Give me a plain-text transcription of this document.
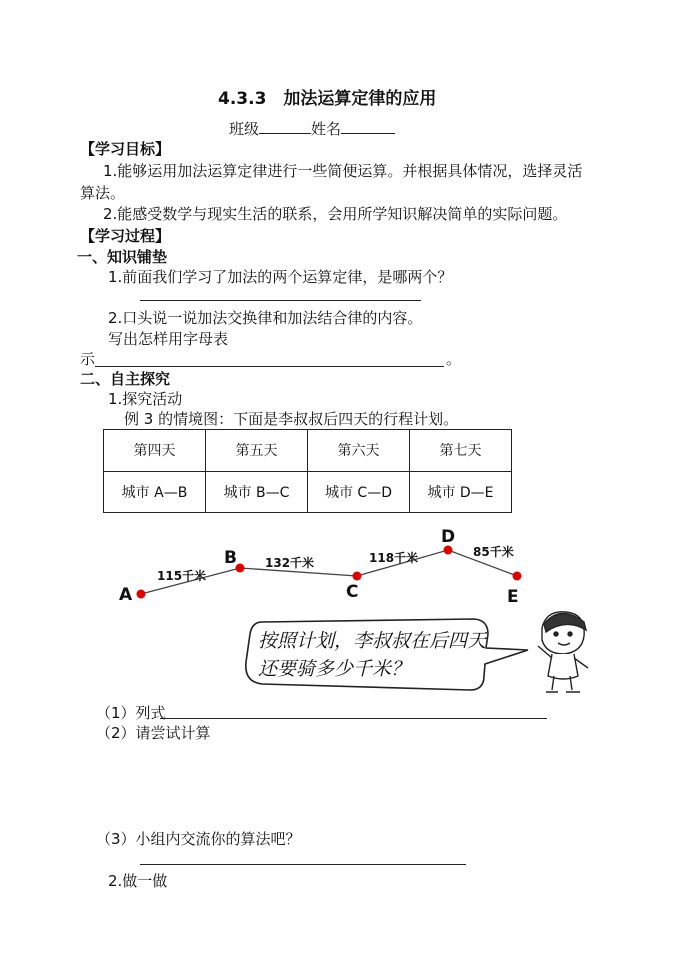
4.3.3　加法运算定律的应用
班级	姓名
【学习目标】
1.能够运用加法运算定律进行一些简便运算。并根据具体情况，选择灵活
算法。
2.能感受数学与现实生活的联系，会用所学知识解决简单的实际问题。
【学习过程】
一、知识铺垫
1.前面我们学习了加法的两个运算定律，是哪两个？
2.口头说一说加法交换律和加法结合律的内容。
写出怎样用字母表
示	。
二、自主探究
1.探究活动
例 3 的情境图：下面是李叔叔后四天的行程计划。
第四天	第五天	第六天	第七天
城市 A—B	城市 B—C	城市 C—D	城市 D—E
A
B
C
D
E
115千米
132千米	118千米	85千米
按照计划，李叔叔在后四天
还要骑多少千米？
（1）列式
（2）请尝试计算
（3）小组内交流你的算法吧？
2.做一做
